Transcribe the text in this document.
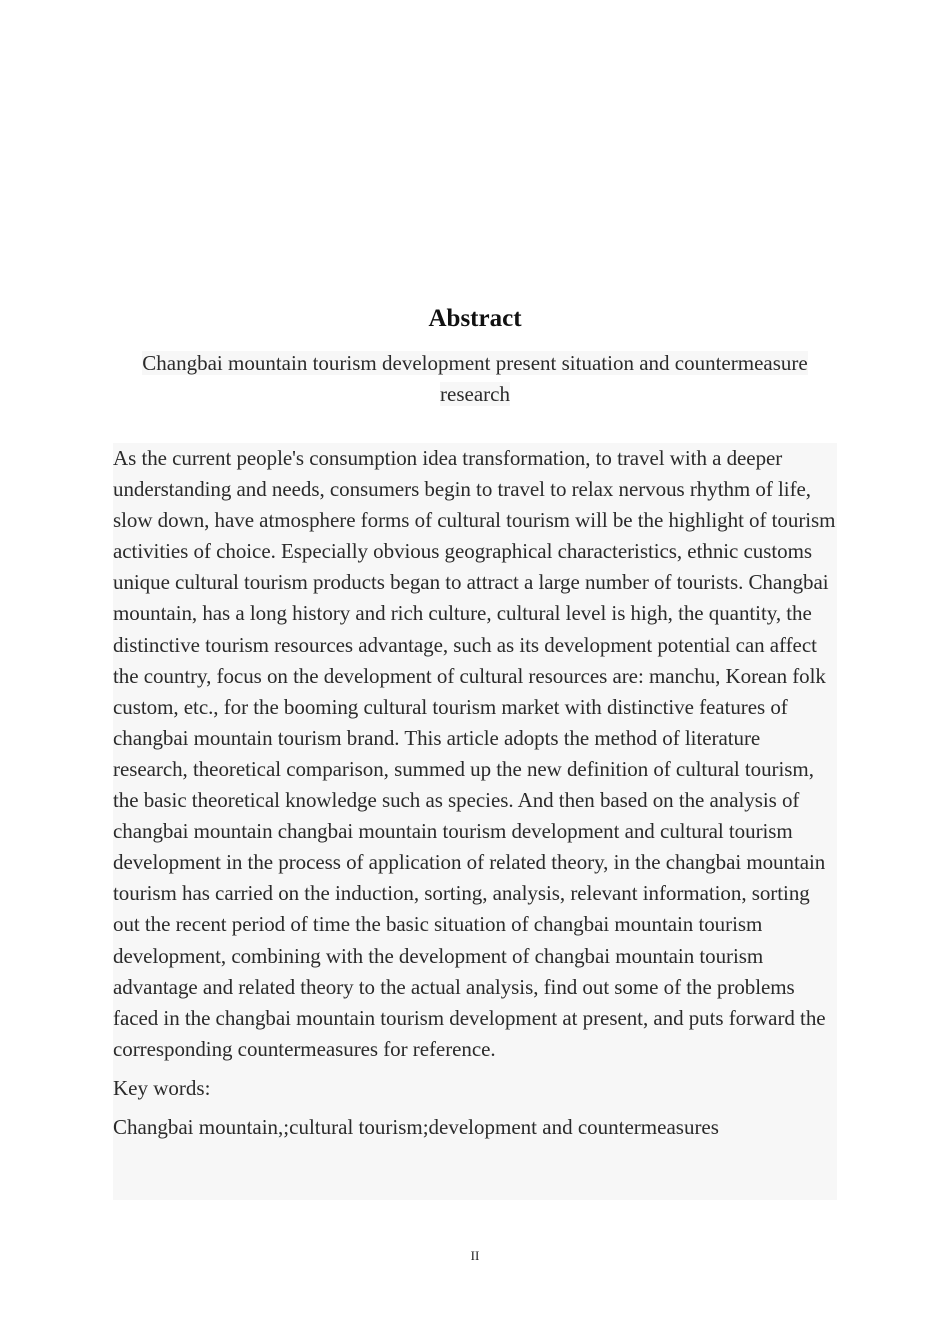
Abstract
Changbai mountain tourism development present situation and countermeasure research

As the current people's consumption idea transformation, to travel with a deeper understanding and needs, consumers begin to travel to relax nervous rhythm of life, slow down, have atmosphere forms of cultural tourism will be the highlight of tourism activities of choice. Especially obvious geographical characteristics, ethnic customs unique cultural tourism products began to attract a large number of tourists. Changbai mountain, has a long history and rich culture, cultural level is high, the quantity, the distinctive tourism resources advantage, such as its development potential can affect the country, focus on the development of cultural resources are: manchu, Korean folk custom, etc., for the booming cultural tourism market with distinctive features of changbai mountain tourism brand. This article adopts the method of literature research, theoretical comparison, summed up the new definition of cultural tourism, the basic theoretical knowledge such as species. And then based on the analysis of changbai mountain changbai mountain tourism development and cultural tourism development in the process of application of related theory, in the changbai mountain tourism has carried on the induction, sorting, analysis, relevant information, sorting out the recent period of time the basic situation of changbai mountain tourism development, combining with the development of changbai mountain tourism advantage and related theory to the actual analysis, find out some of the problems faced in the changbai mountain tourism development at present, and puts forward the corresponding countermeasures for reference.

Key words:

Changbai mountain,;cultural tourism;development and countermeasures

II
